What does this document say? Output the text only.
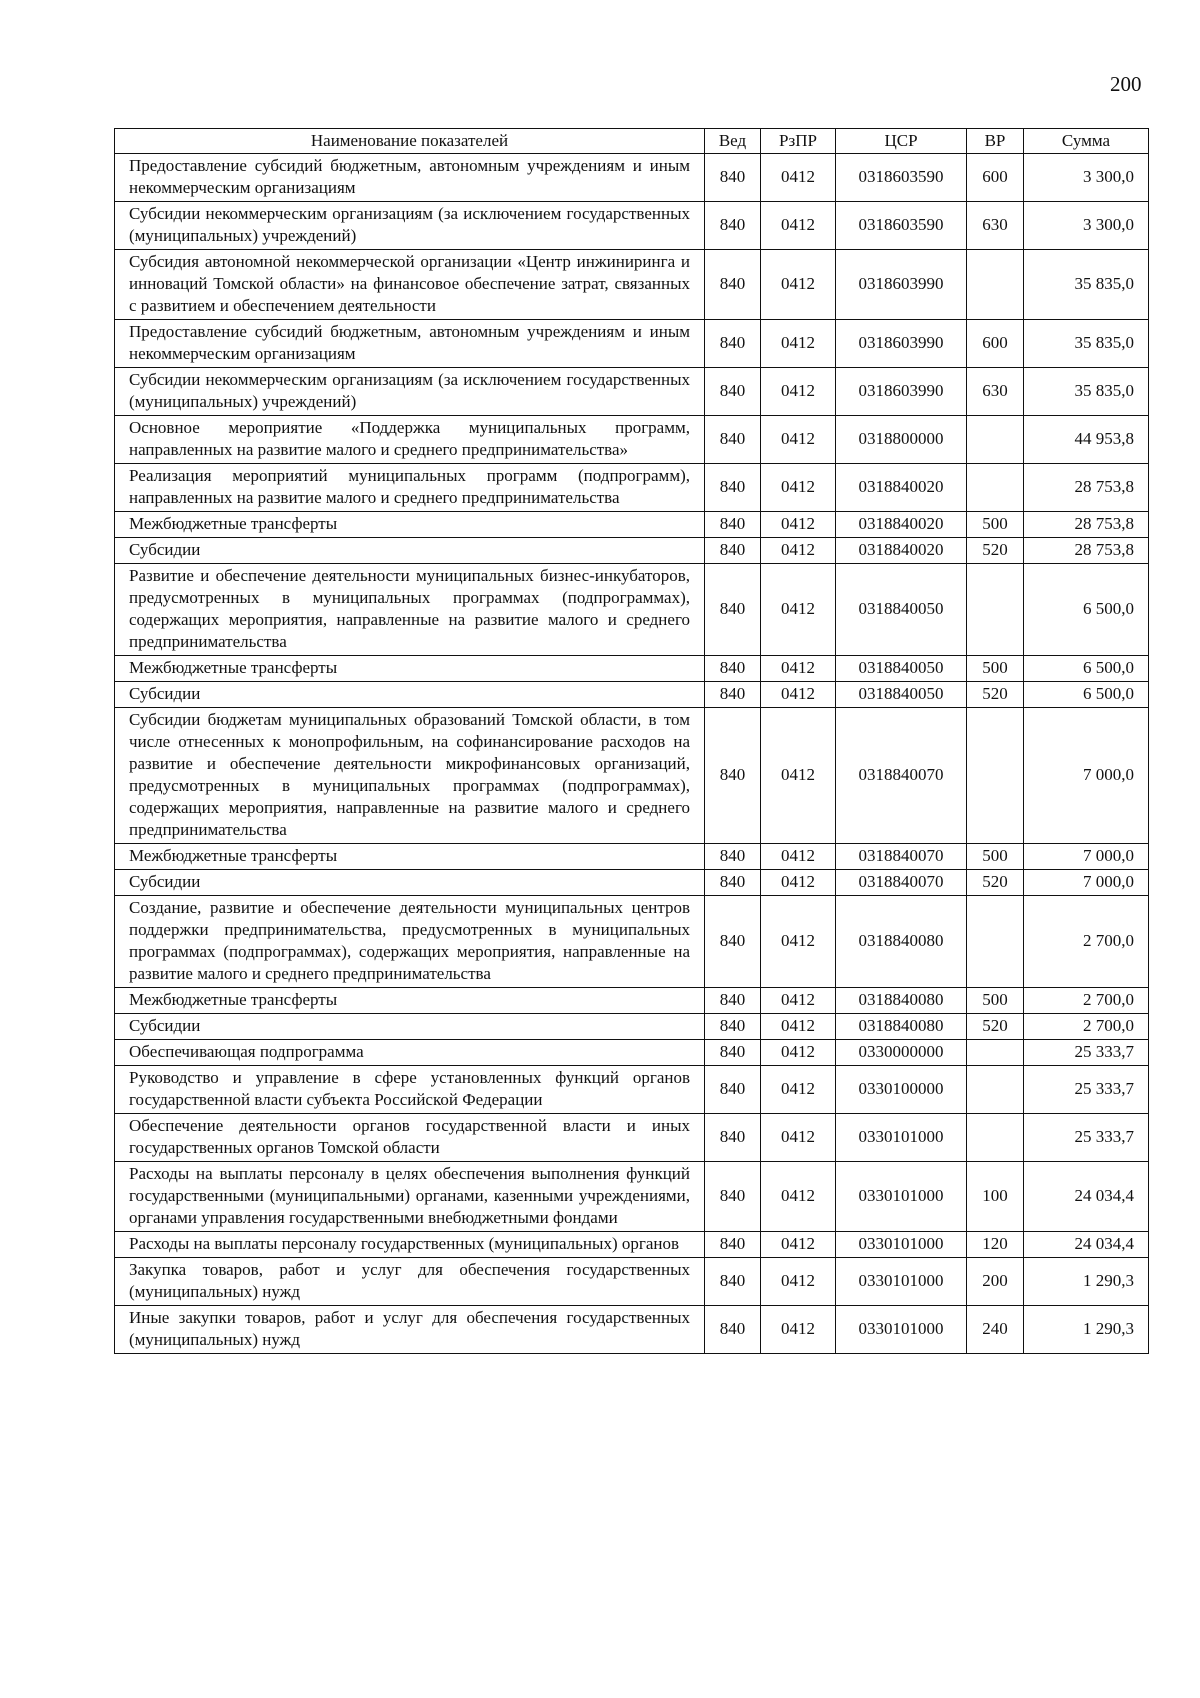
200
Наименование показателей	Вед	РзПР	ЦСР	ВР	Сумма
Предоставление субсидий бюджетным, автономным учреждениям и иным некоммерческим организациям	840	0412	0318603590	600	3 300,0
Субсидии некоммерческим организациям (за исключением государственных (муниципальных) учреждений)	840	0412	0318603590	630	3 300,0
Субсидия автономной некоммерческой организации «Центр инжиниринга и инноваций Томской области» на финансовое обеспечение затрат, связанных с развитием и обеспечением деятельности	840	0412	0318603990		35 835,0
Предоставление субсидий бюджетным, автономным учреждениям и иным некоммерческим организациям	840	0412	0318603990	600	35 835,0
Субсидии некоммерческим организациям (за исключением государственных (муниципальных) учреждений)	840	0412	0318603990	630	35 835,0
Основное мероприятие «Поддержка муниципальных программ, направленных на развитие малого и среднего предпринимательства»	840	0412	0318800000		44 953,8
Реализация мероприятий муниципальных программ (подпрограмм), направленных на развитие малого и среднего предпринимательства	840	0412	0318840020		28 753,8
Межбюджетные трансферты	840	0412	0318840020	500	28 753,8
Субсидии	840	0412	0318840020	520	28 753,8
Развитие и обеспечение деятельности муниципальных бизнес-инкубаторов, предусмотренных в муниципальных программах (подпрограммах), содержащих мероприятия, направленные на развитие малого и среднего предпринимательства	840	0412	0318840050		6 500,0
Межбюджетные трансферты	840	0412	0318840050	500	6 500,0
Субсидии	840	0412	0318840050	520	6 500,0
Субсидии бюджетам муниципальных образований Томской области, в том числе отнесенных к монопрофильным, на софинансирование расходов на развитие и обеспечение деятельности микрофинансовых организаций, предусмотренных в муниципальных программах (подпрограммах), содержащих мероприятия, направленные на развитие малого и среднего предпринимательства	840	0412	0318840070		7 000,0
Межбюджетные трансферты	840	0412	0318840070	500	7 000,0
Субсидии	840	0412	0318840070	520	7 000,0
Создание, развитие и обеспечение деятельности муниципальных центров поддержки предпринимательства, предусмотренных в муниципальных программах (подпрограммах), содержащих мероприятия, направленные на развитие малого и среднего предпринимательства	840	0412	0318840080		2 700,0
Межбюджетные трансферты	840	0412	0318840080	500	2 700,0
Субсидии	840	0412	0318840080	520	2 700,0
Обеспечивающая подпрограмма	840	0412	0330000000		25 333,7
Руководство и управление в сфере установленных функций органов государственной власти субъекта Российской Федерации	840	0412	0330100000		25 333,7
Обеспечение деятельности органов государственной власти и иных государственных органов Томской области	840	0412	0330101000		25 333,7
Расходы на выплаты персоналу в целях обеспечения выполнения функций государственными (муниципальными) органами, казенными учреждениями, органами управления государственными внебюджетными фондами	840	0412	0330101000	100	24 034,4
Расходы на выплаты персоналу государственных (муниципальных) органов	840	0412	0330101000	120	24 034,4
Закупка товаров, работ и услуг для обеспечения государственных (муниципальных) нужд	840	0412	0330101000	200	1 290,3
Иные закупки товаров, работ и услуг для обеспечения государственных (муниципальных) нужд	840	0412	0330101000	240	1 290,3
